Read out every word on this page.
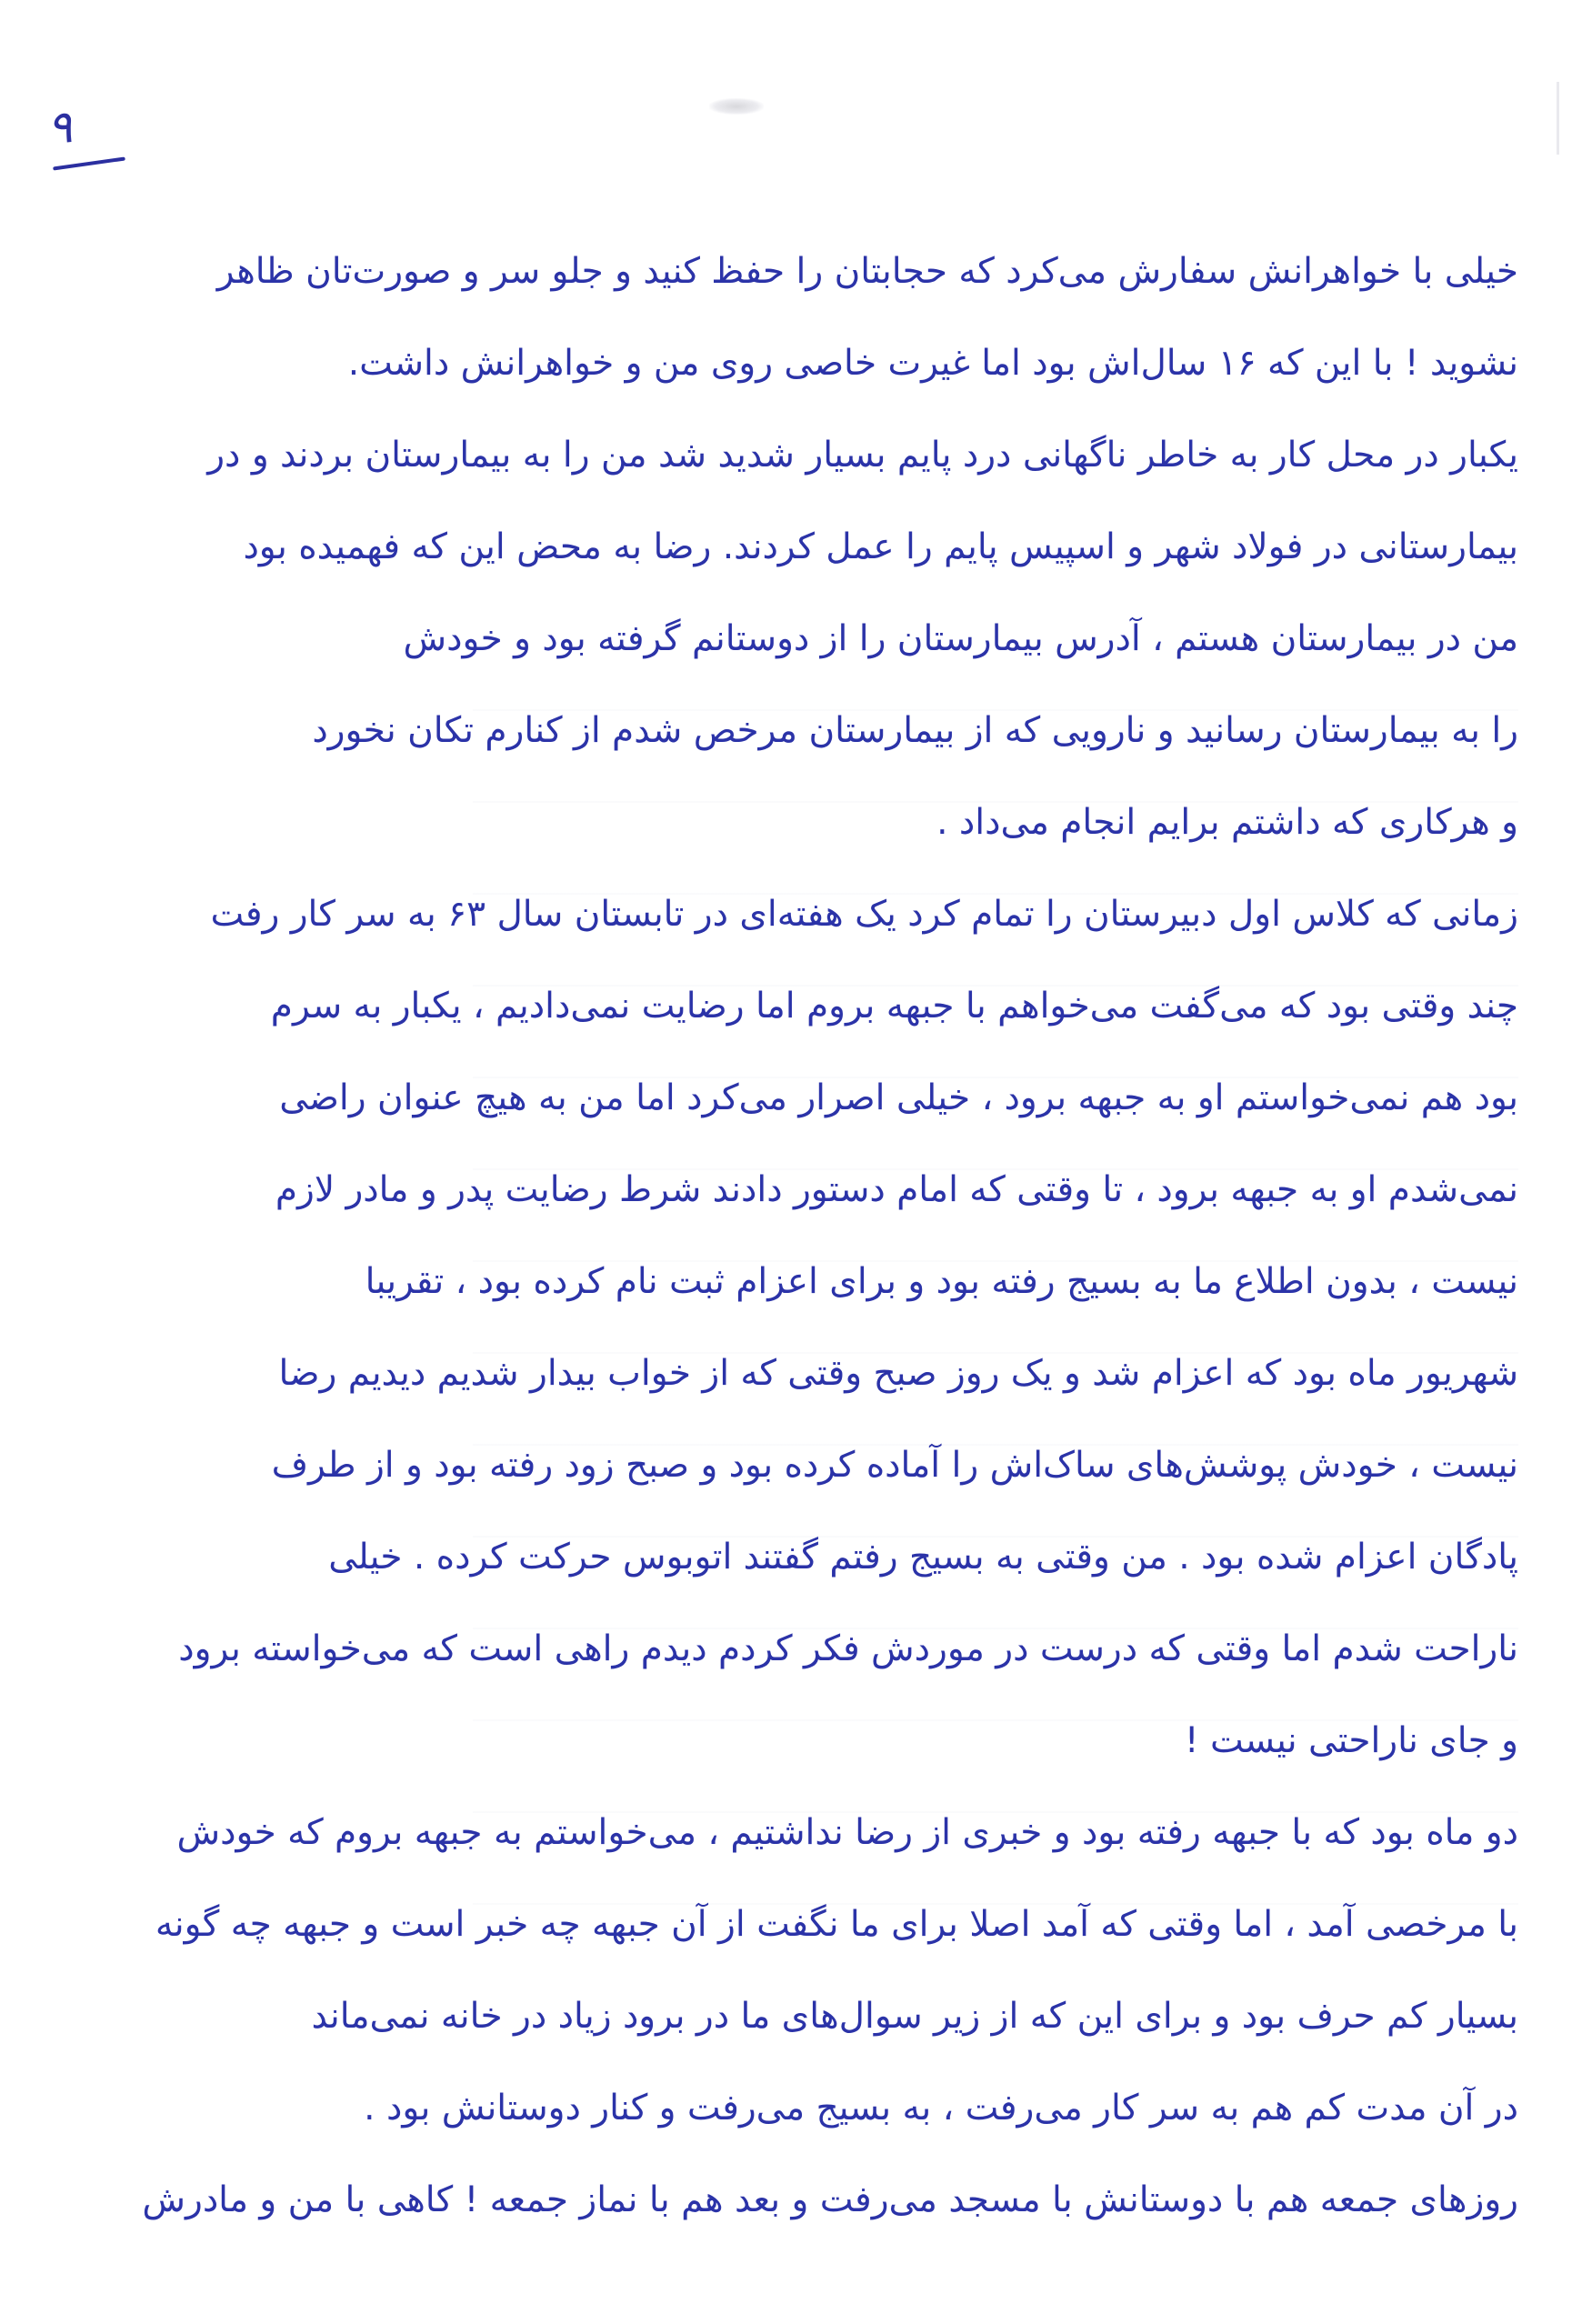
۹
خیلی با خواهرانش سفارش می‌کرد که حجابتان را حفظ کنید و جلو سر و صورت‌تان ظاهر
نشوید ! با این که ۱۶ سال‌اش بود اما غیرت خاصی روی من و خواهرانش داشت.
یکبار در محل کار به خاطر ناگهانی درد پایم بسیار شدید شد من را به بیمارستان بردند و در
بیمارستانی در فولاد شهر و اسپیس پایم را عمل کردند. رضا به محض این که فهمیده بود
من در بیمارستان هستم ، آدرس بیمارستان را از دوستانم گرفته بود و خودش
را به بیمارستان رسانید و نارویی که از بیمارستان مرخص شدم از کنارم تکان نخورد
و هرکاری که داشتم برایم انجام می‌داد .
زمانی که کلاس اول دبیرستان را تمام کرد یک هفته‌ای در تابستان سال ۶۳ به سر کار رفت
چند وقتی بود که می‌گفت می‌خواهم با جبهه بروم اما رضایت نمی‌دادیم ، یکبار به سرم
بود هم نمی‌خواستم او به جبهه برود ، خیلی اصرار می‌کرد اما من به هیچ عنوان راضی
نمی‌شدم او به جبهه برود ، تا وقتی که امام دستور دادند شرط رضایت پدر و مادر لازم
نیست ، بدون اطلاع ما به بسیج رفته بود و برای اعزام ثبت نام کرده بود ، تقریبا
شهریور ماه بود که اعزام شد و یک روز صبح وقتی که از خواب بیدار شدیم دیدیم رضا
نیست ، خودش پوشش‌های ساک‌اش را آماده کرده بود و صبح زود رفته بود و از طرف
پادگان اعزام شده بود . من وقتی به بسیج رفتم گفتند اتوبوس حرکت کرده . خیلی
ناراحت شدم اما وقتی که درست در موردش فکر کردم دیدم راهی است که می‌خواسته برود
و جای ناراحتی نیست !
دو ماه بود که با جبهه رفته بود و خبری از رضا نداشتیم ، می‌خواستم به جبهه بروم که خودش
با مرخصی آمد ، اما وقتی که آمد اصلا برای ما نگفت از آن جبهه چه خبر است و جبهه چه گونه
بسیار کم حرف بود و برای این که از زیر سوال‌های ما در برود زیاد در خانه نمی‌ماند
در آن مدت کم هم به سر کار می‌رفت ، به بسیج می‌رفت و کنار دوستانش بود .
روزهای جمعه هم با دوستانش با مسجد می‌رفت و بعد هم با نماز جمعه ! کاهی با من و مادرش
